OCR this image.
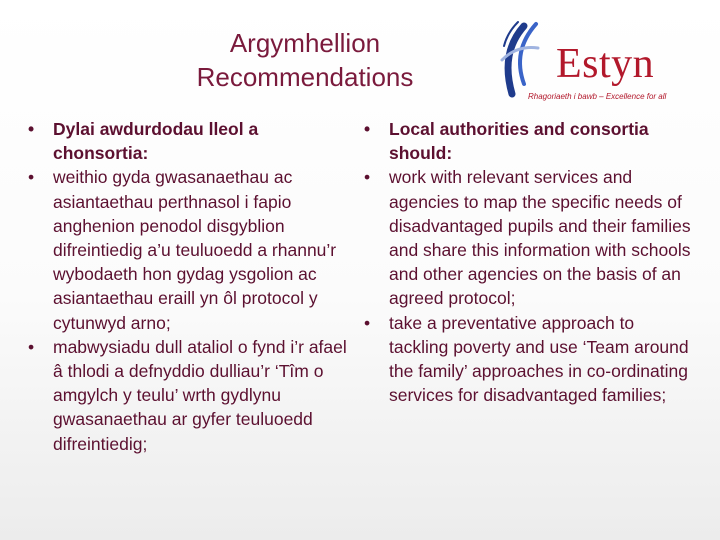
Argymhellion
Recommendations	Estyn
Rhagoriaeth i bawb – Excellence for all
• Dylai awdurdodau lleol a chonsortia:
• weithio gyda gwasanaethau ac asiantaethau perthnasol i fapio anghenion penodol disgyblion difreintiedig a’u teuluoedd a rhannu’r wybodaeth hon gydag ysgolion ac asiantaethau eraill yn ôl protocol y cytunwyd arno;
• mabwysiadu dull ataliol o fynd i’r afael â thlodi a defnyddio dulliau’r ‘Tîm o amgylch y teulu’ wrth gydlynu gwasanaethau ar gyfer teuluoedd difreintiedig;
• Local authorities and consortia should:
• work with relevant services and agencies to map the specific needs of disadvantaged pupils and their families and share this information with schools and other agencies on the basis of an agreed protocol;
• take a preventative approach to tackling poverty and use ‘Team around the family’ approaches in co-ordinating services for disadvantaged families;
